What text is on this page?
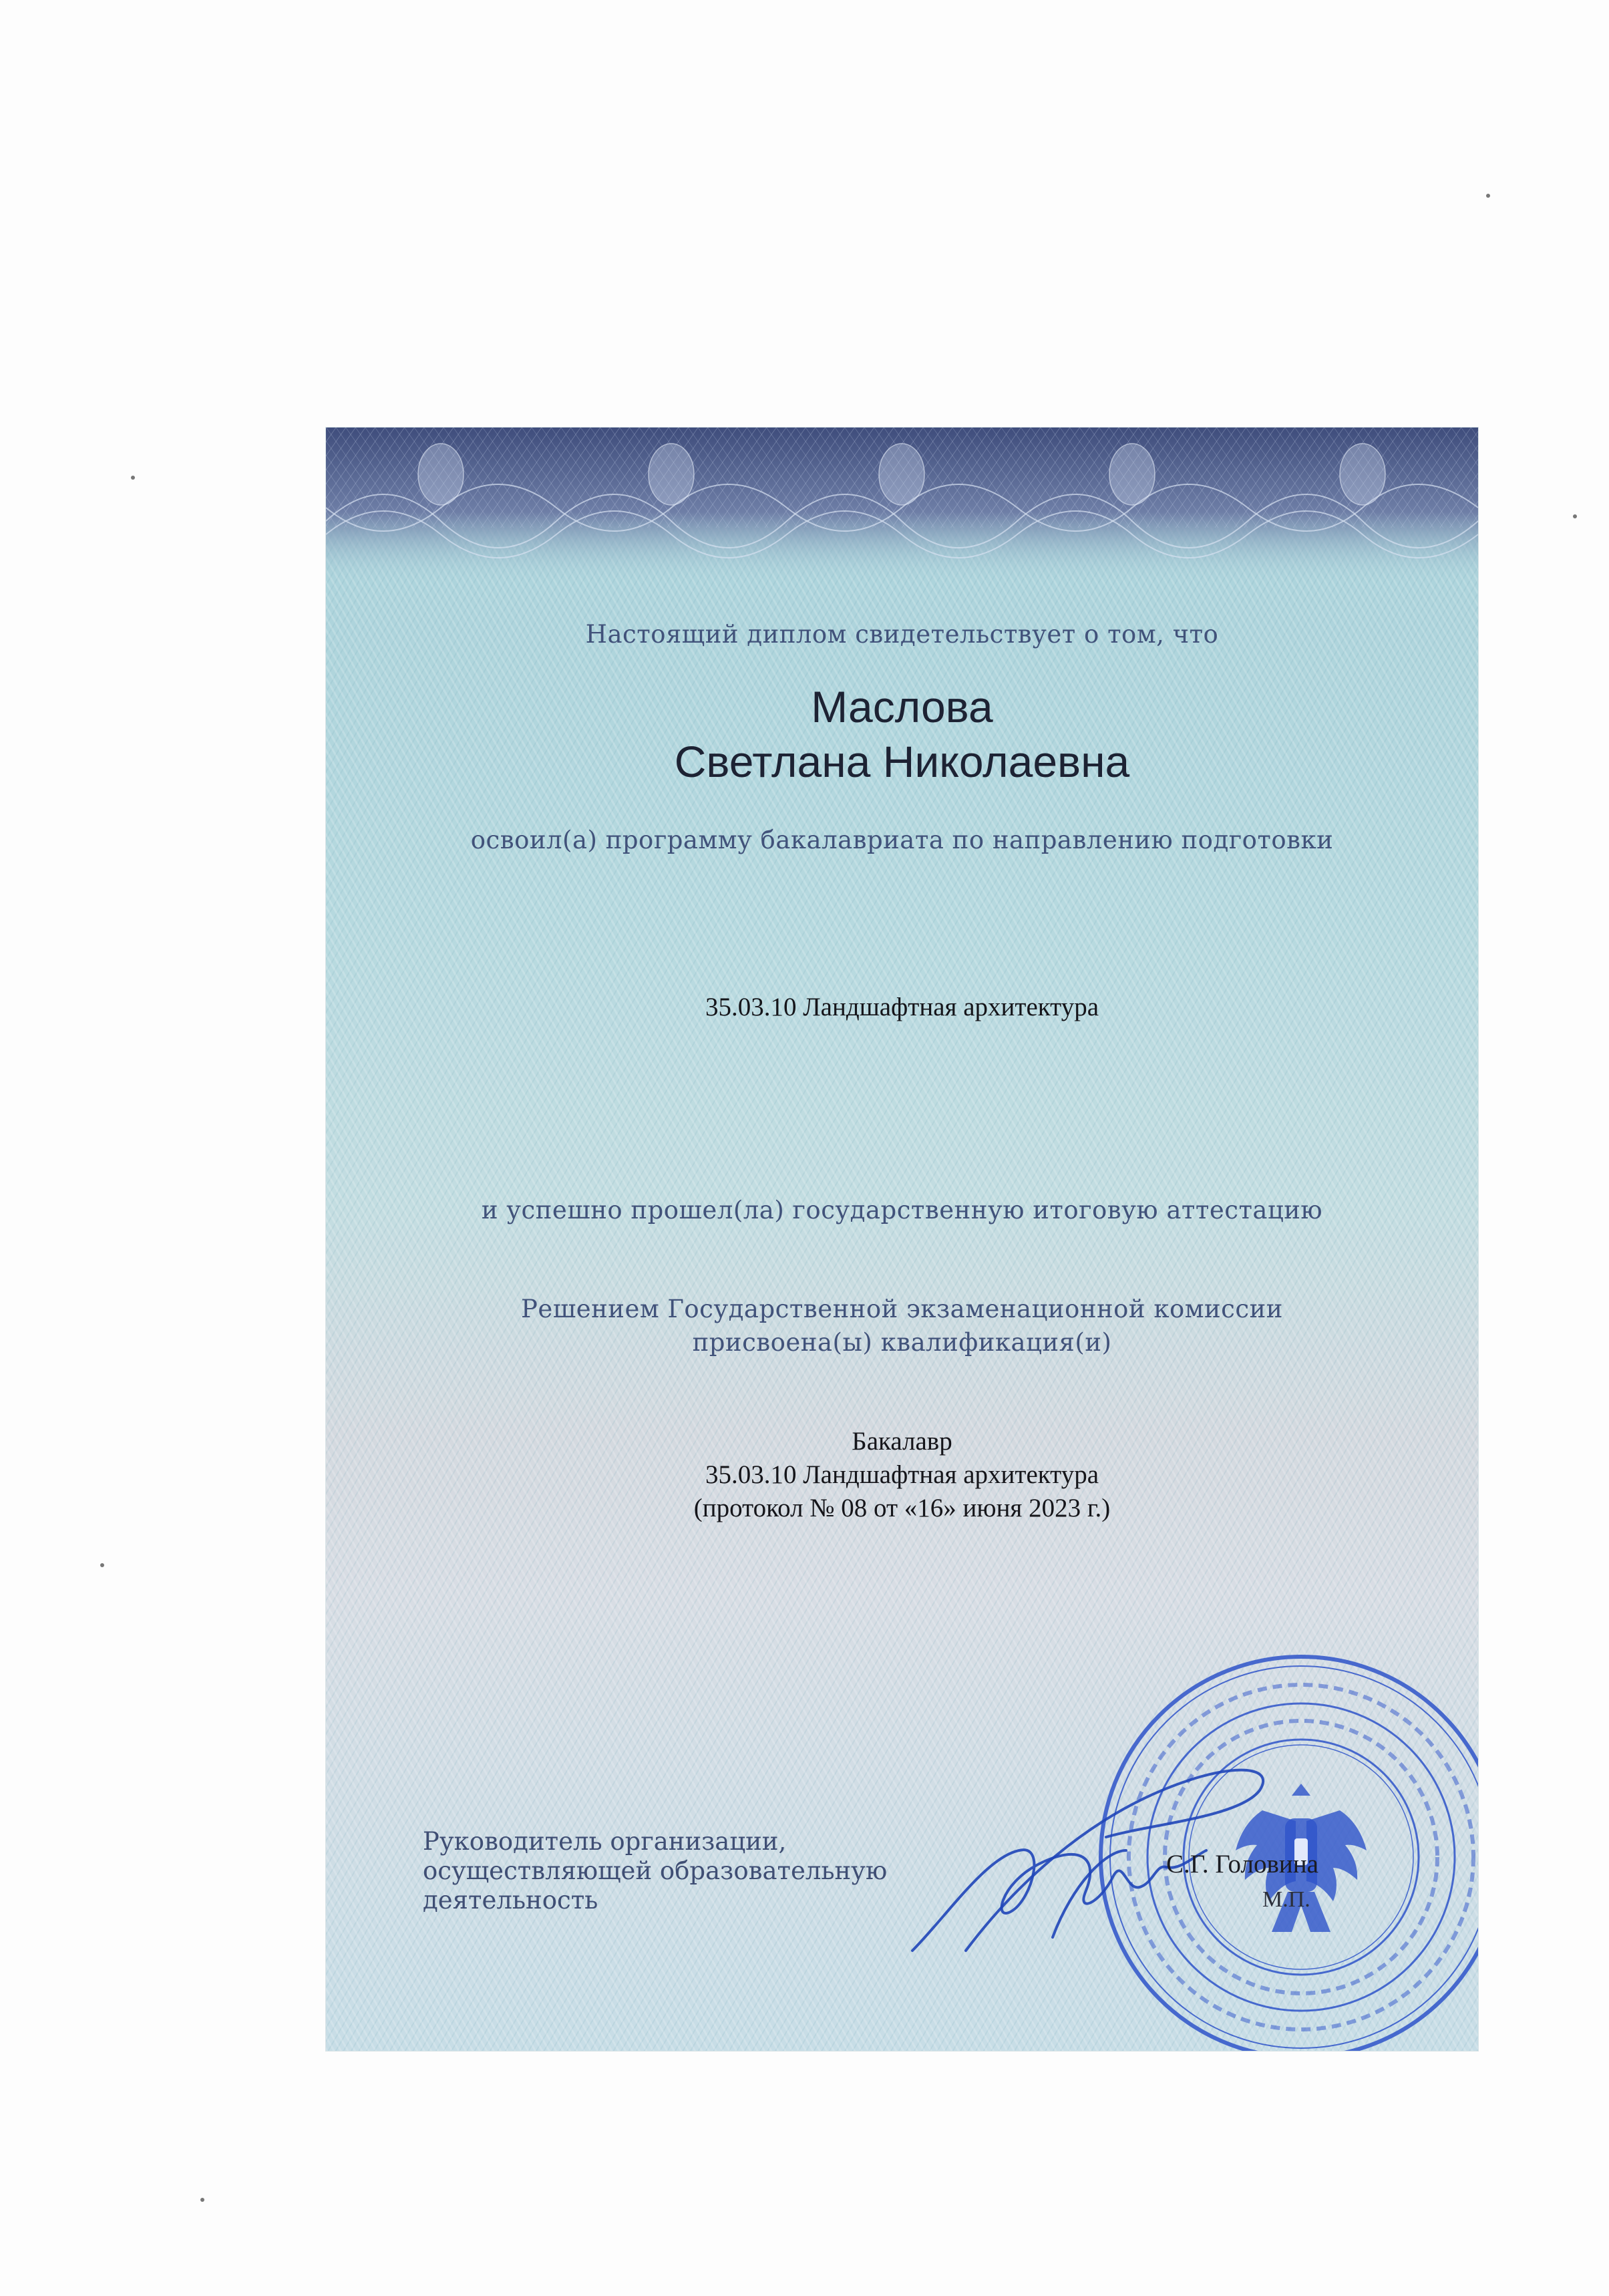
Настоящий диплом свидетельствует о том, что
Маслова
Светлана Николаевна
освоил(а) программу бакалавриата по направлению подготовки
35.03.10 Ландшафтная архитектура
и успешно прошел(ла) государственную итоговую аттестацию
Решением Государственной экзаменационной комиссии
присвоена(ы) квалификация(и)
Бакалавр
35.03.10 Ландшафтная архитектура
(протокол № 08 от «16» июня 2023 г.)
Руководитель организации,
осуществляющей образовательную
деятельность
С.Г. Головина
М.П.
